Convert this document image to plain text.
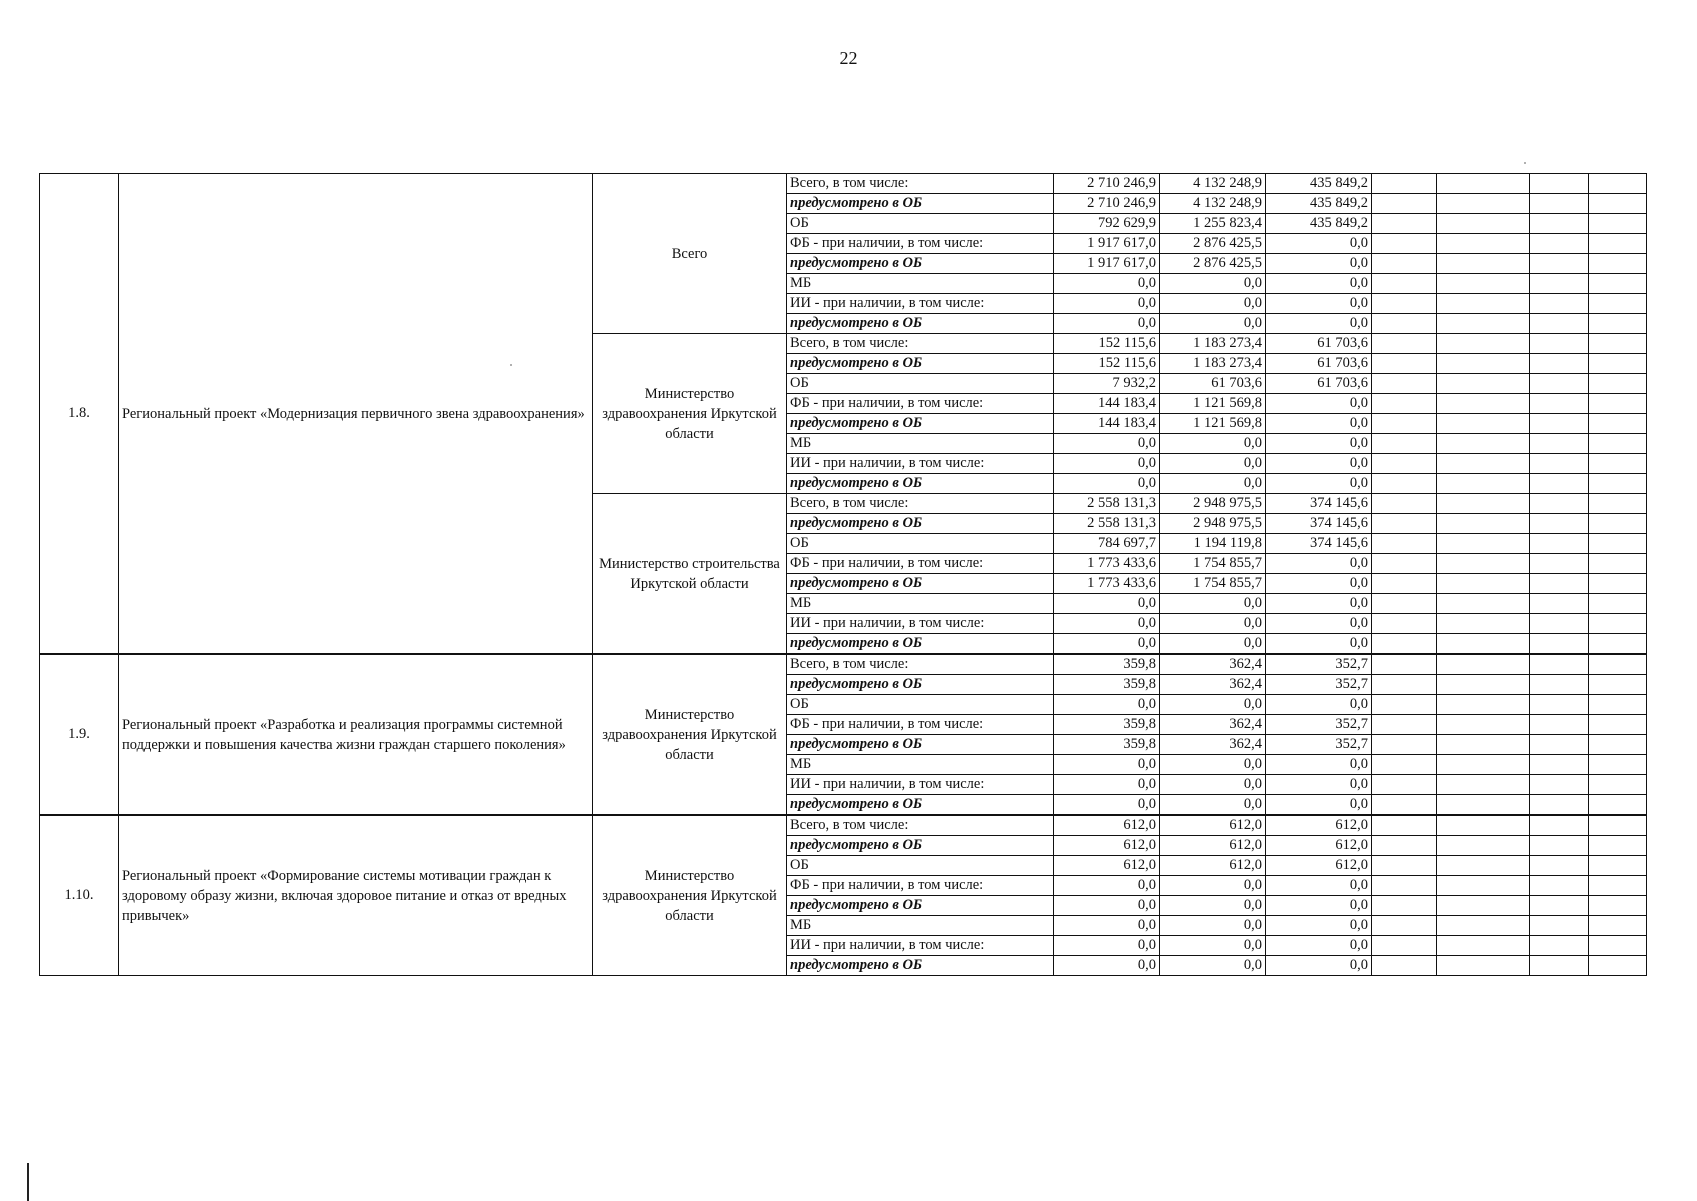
22
1.8.	Региональный проект «Модернизация первичного звена здравоохранения»	Всего	Всего, в том числе:	2 710 246,9	4 132 248,9	435 849,2				
			предусмотрено в ОБ	2 710 246,9	4 132 248,9	435 849,2				
			ОБ	792 629,9	1 255 823,4	435 849,2				
			ФБ - при наличии, в том числе:	1 917 617,0	2 876 425,5	0,0				
			предусмотрено в ОБ	1 917 617,0	2 876 425,5	0,0				
			МБ	0,0	0,0	0,0				
			ИИ - при наличии, в том числе:	0,0	0,0	0,0				
			предусмотрено в ОБ	0,0	0,0	0,0				
		Министерство здравоохранения Иркутской области	Всего, в том числе:	152 115,6	1 183 273,4	61 703,6				
			предусмотрено в ОБ	152 115,6	1 183 273,4	61 703,6				
			ОБ	7 932,2	61 703,6	61 703,6				
			ФБ - при наличии, в том числе:	144 183,4	1 121 569,8	0,0				
			предусмотрено в ОБ	144 183,4	1 121 569,8	0,0				
			МБ	0,0	0,0	0,0				
			ИИ - при наличии, в том числе:	0,0	0,0	0,0				
			предусмотрено в ОБ	0,0	0,0	0,0				
		Министерство строительства Иркутской области	Всего, в том числе:	2 558 131,3	2 948 975,5	374 145,6				
			предусмотрено в ОБ	2 558 131,3	2 948 975,5	374 145,6				
			ОБ	784 697,7	1 194 119,8	374 145,6				
			ФБ - при наличии, в том числе:	1 773 433,6	1 754 855,7	0,0				
			предусмотрено в ОБ	1 773 433,6	1 754 855,7	0,0				
			МБ	0,0	0,0	0,0				
			ИИ - при наличии, в том числе:	0,0	0,0	0,0				
			предусмотрено в ОБ	0,0	0,0	0,0				
1.9.	Региональный проект «Разработка и реализация программы системной поддержки и повышения качества жизни граждан старшего поколения»	Министерство здравоохранения Иркутской области	Всего, в том числе:	359,8	362,4	352,7				
			предусмотрено в ОБ	359,8	362,4	352,7				
			ОБ	0,0	0,0	0,0				
			ФБ - при наличии, в том числе:	359,8	362,4	352,7				
			предусмотрено в ОБ	359,8	362,4	352,7				
			МБ	0,0	0,0	0,0				
			ИИ - при наличии, в том числе:	0,0	0,0	0,0				
			предусмотрено в ОБ	0,0	0,0	0,0				
1.10.	Региональный проект «Формирование системы мотивации граждан к здоровому образу жизни, включая здоровое питание и отказ от вредных привычек»	Министерство здравоохранения Иркутской области	Всего, в том числе:	612,0	612,0	612,0				
			предусмотрено в ОБ	612,0	612,0	612,0				
			ОБ	612,0	612,0	612,0				
			ФБ - при наличии, в том числе:	0,0	0,0	0,0				
			предусмотрено в ОБ	0,0	0,0	0,0				
			МБ	0,0	0,0	0,0				
			ИИ - при наличии, в том числе:	0,0	0,0	0,0				
			предусмотрено в ОБ	0,0	0,0	0,0				
